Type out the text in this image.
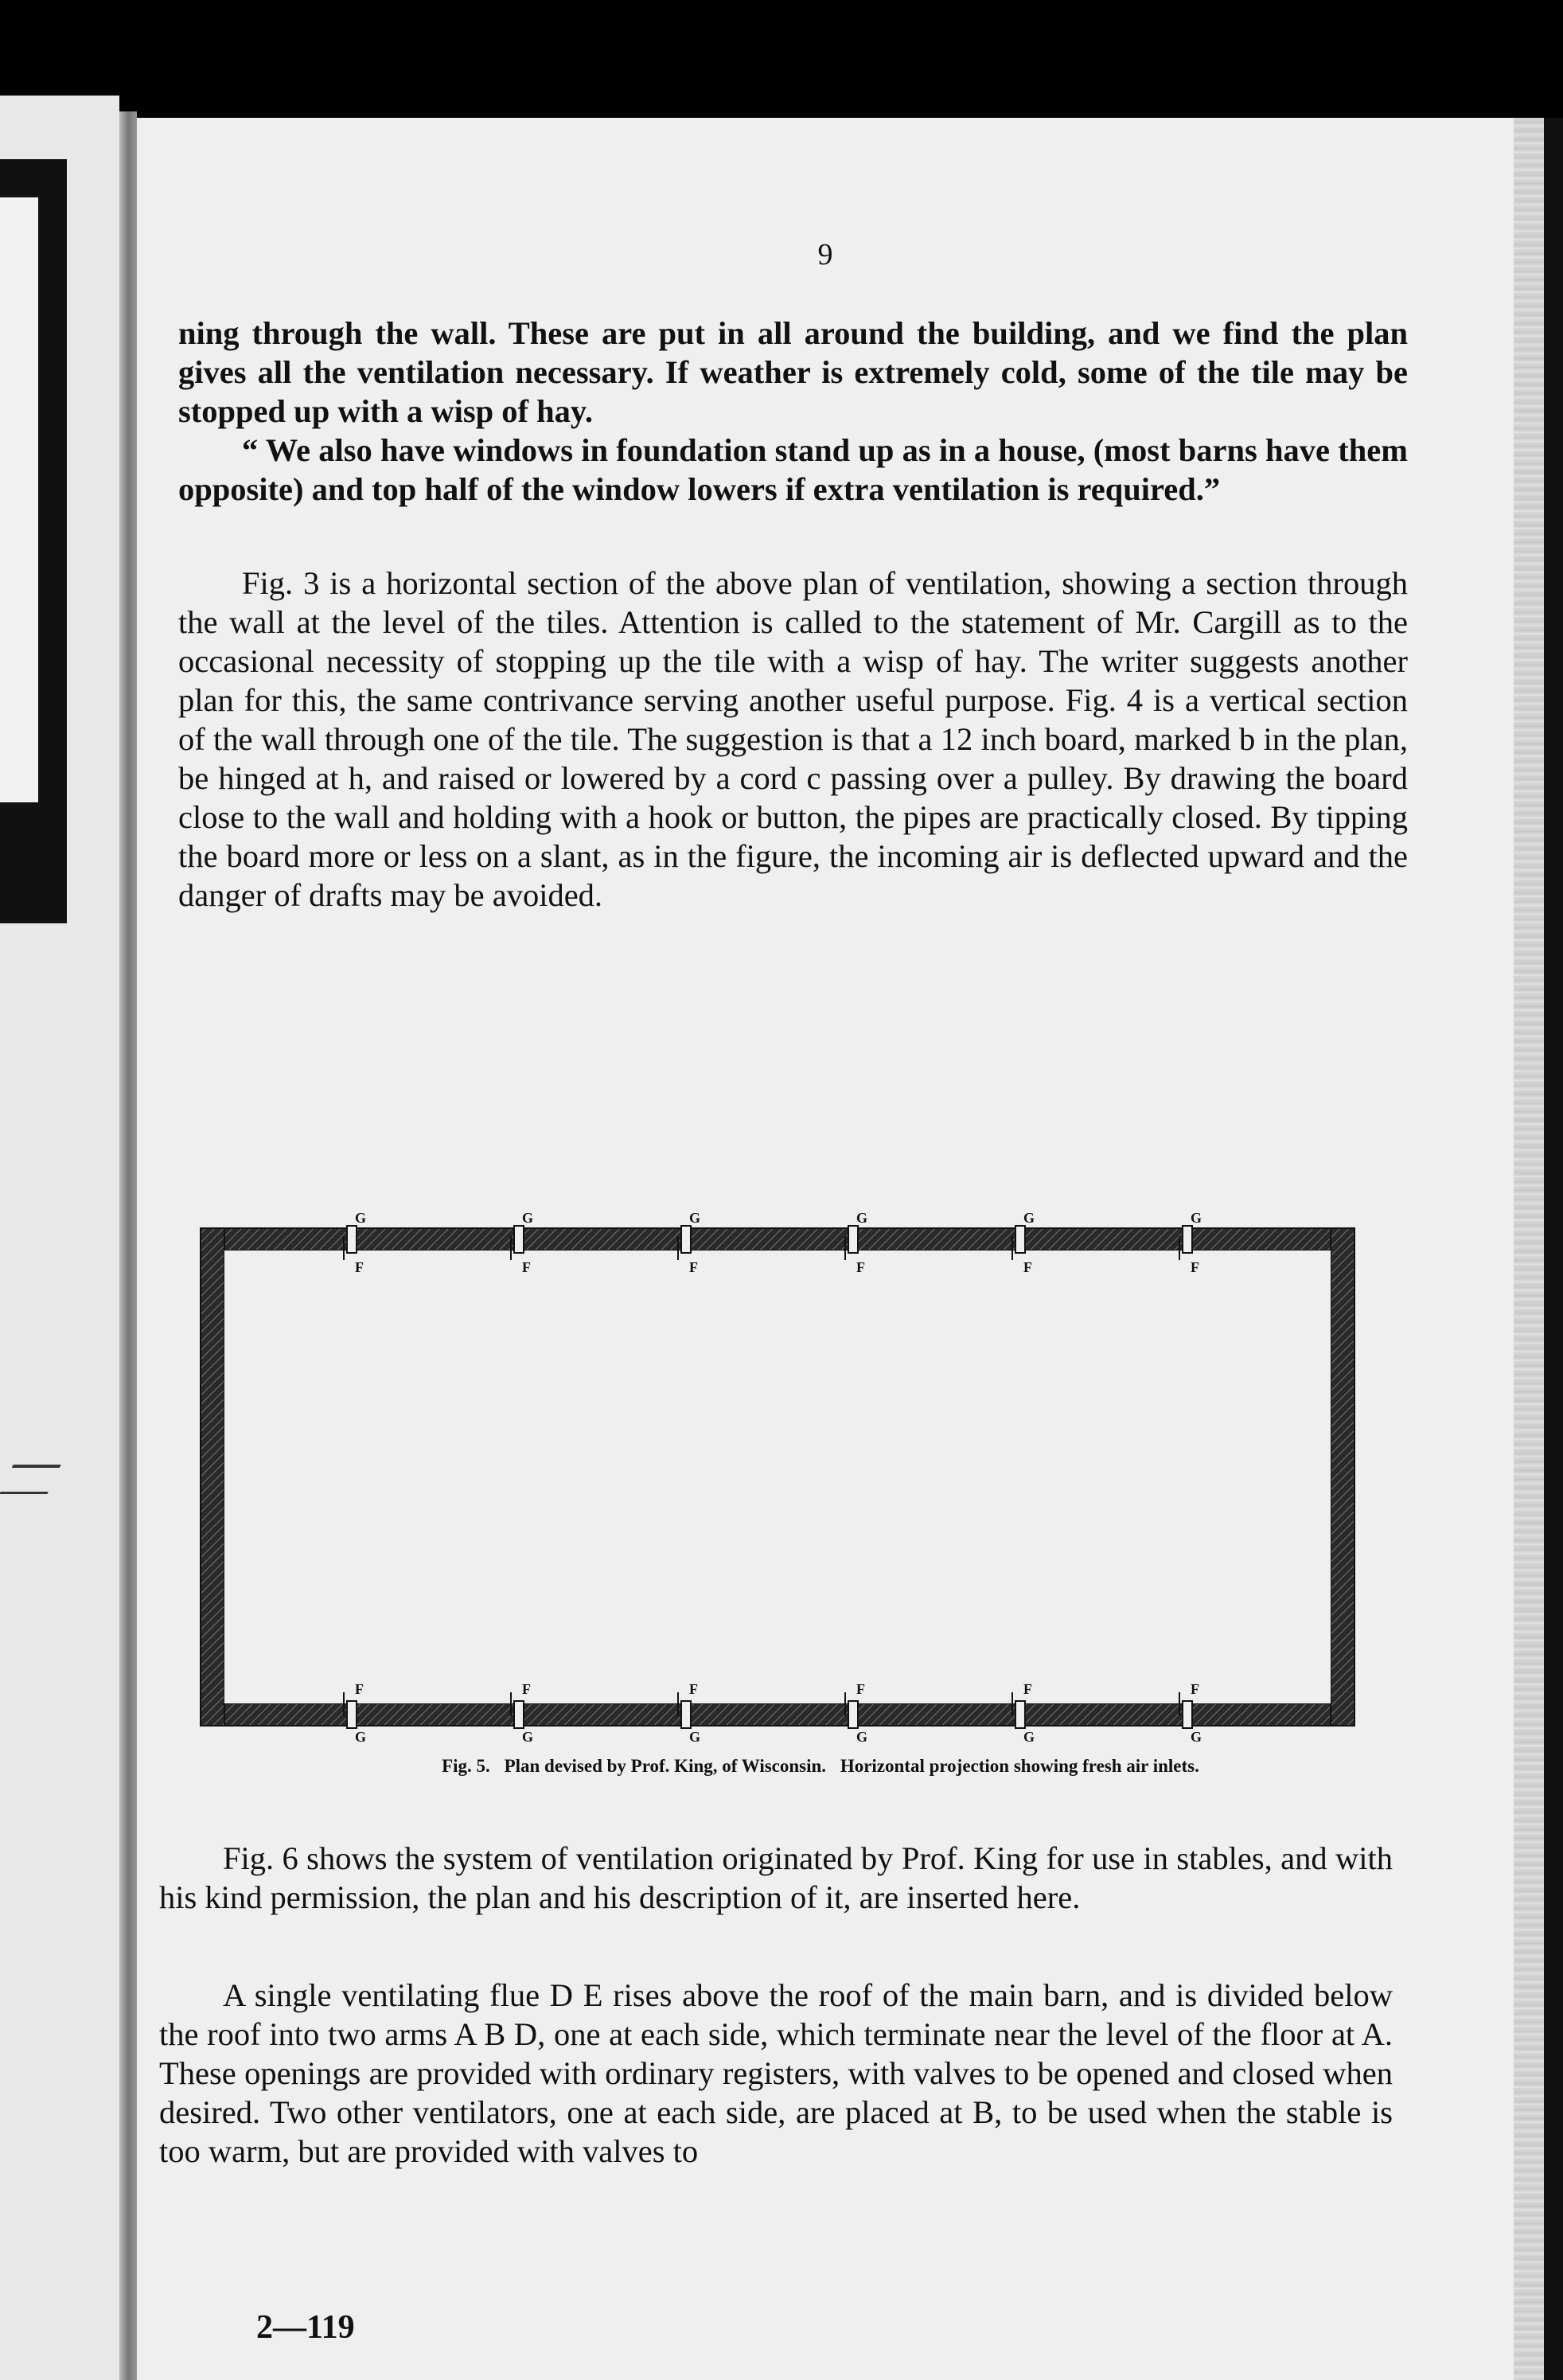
9

ning through the wall. These are put in all around the building, and we find the plan gives all the ventilation necessary. If weather is extremely cold, some of the tile may be stopped up with a wisp of hay.

“ We also have windows in foundation stand up as in a house, (most barns have them opposite) and top half of the window lowers if extra ventilation is required.”

Fig. 3 is a horizontal section of the above plan of ventilation, showing a section through the wall at the level of the tiles. Attention is called to the statement of Mr. Cargill as to the occasional necessity of stopping up the tile with a wisp of hay. The writer suggests another plan for this, the same contrivance serving another useful purpose. Fig. 4 is a vertical section of the wall through one of the tile. The suggestion is that a 12 inch board, marked b in the plan, be hinged at h, and raised or lowered by a cord c passing over a pulley. By drawing the board close to the wall and holding with a hook or button, the pipes are practically closed. By tipping the board more or less on a slant, as in the figure, the incoming air is deflected upward and the danger of drafts may be avoided.

G
F
G
F
G
F
G
F
G
F
G
F
F
G
F
G
F
G
F
G
F
G
F
G
Fig. 5. Plan devised by Prof. King, of Wisconsin. Horizontal projection showing fresh air inlets.

Fig. 6 shows the system of ventilation originated by Prof. King for use in stables, and with his kind permission, the plan and his description of it, are inserted here.

A single ventilating flue D E rises above the roof of the main barn, and is divided below the roof into two arms A B D, one at each side, which terminate near the level of the floor at A. These openings are provided with ordinary registers, with valves to be opened and closed when desired. Two other ventilators, one at each side, are placed at B, to be used when the stable is too warm, but are provided with valves to

2—119
